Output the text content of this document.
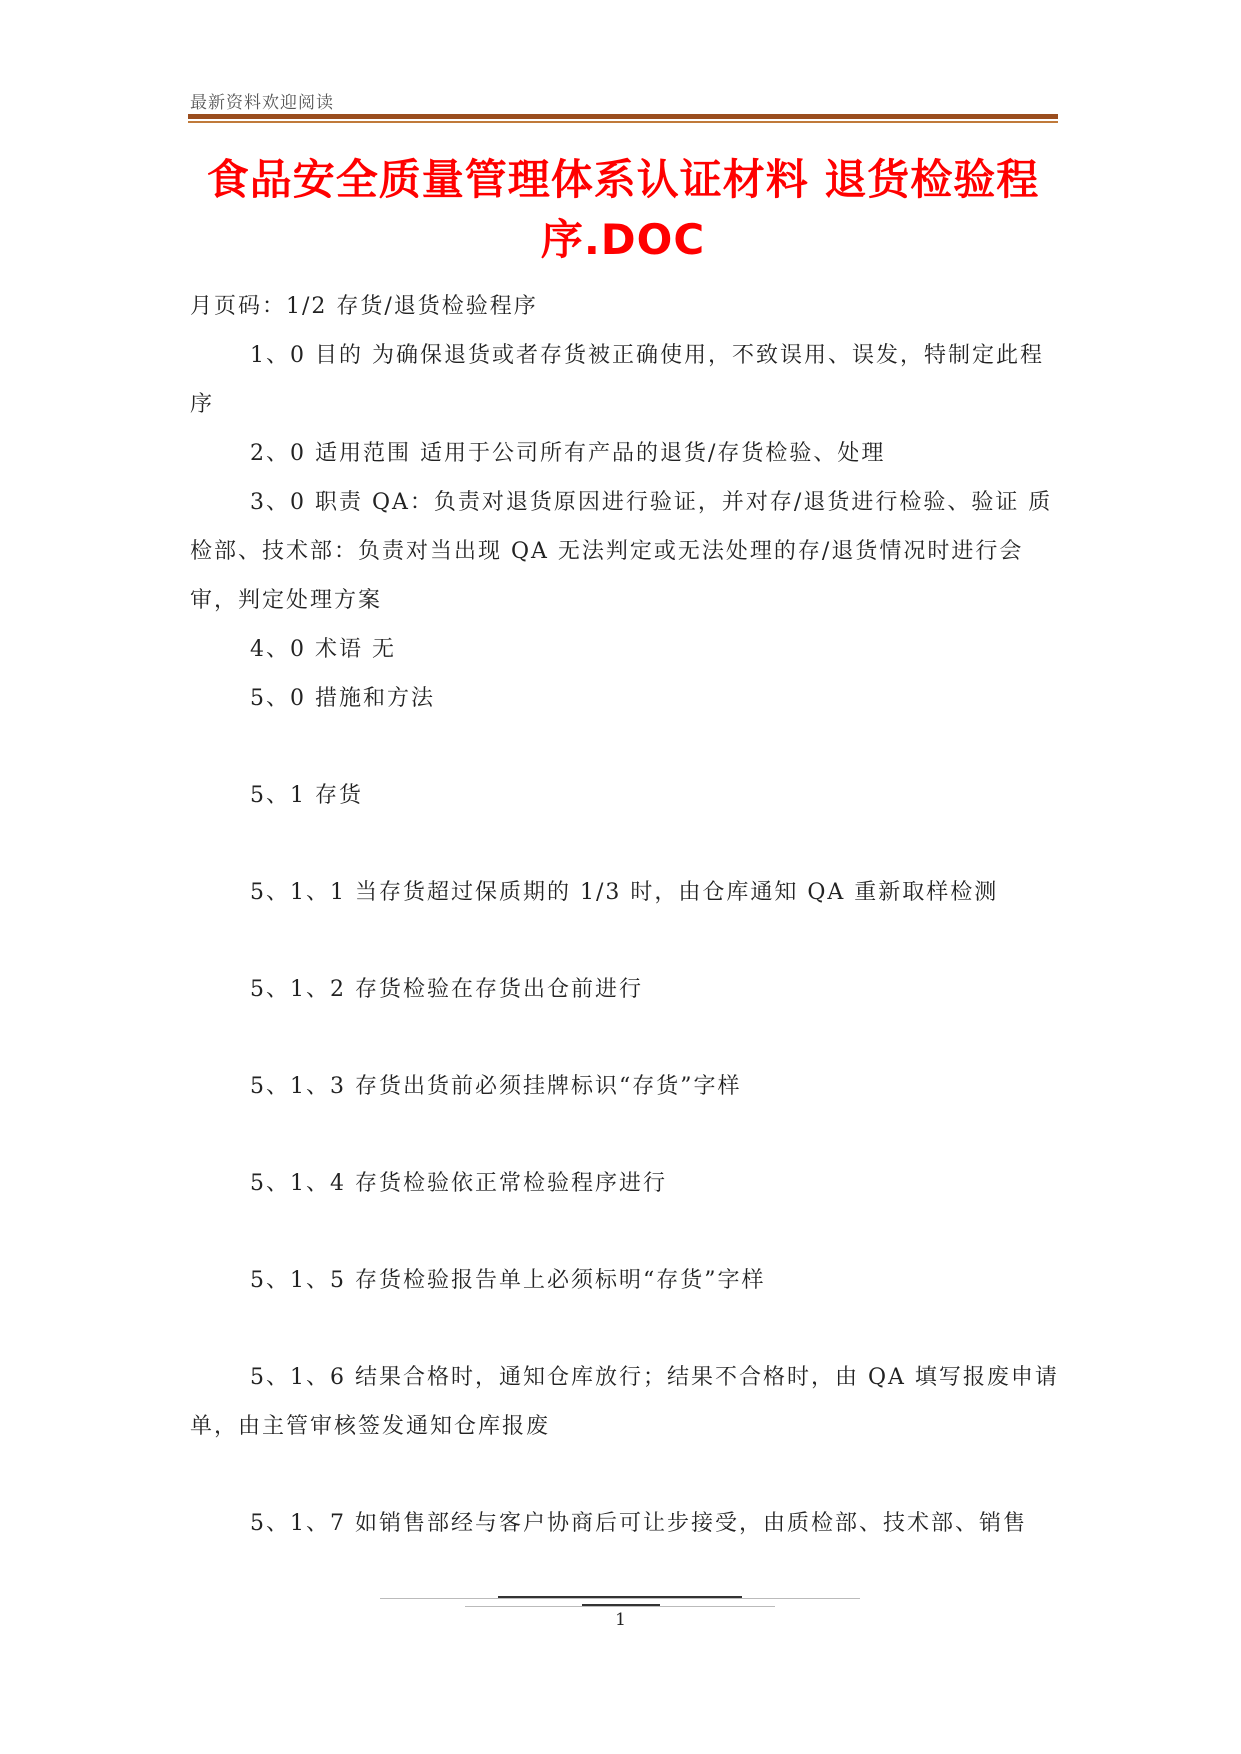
最新资料欢迎阅读
食品安全质量管理体系认证材料 退货检验程序.DOC

月页码：1/2 存货/退货检验程序

1、0 目的 为确保退货或者存货被正确使用，不致误用、误发，特制定此程序

2、0 适用范围 适用于公司所有产品的退货/存货检验、处理

3、0 职责 QA：负责对退货原因进行验证，并对存/退货进行检验、验证 质检部、技术部：负责对当出现 QA 无法判定或无法处理的存/退货情况时进行会审，判定处理方案

4、0 术语 无

5、0 措施和方法

5、1 存货

5、1、1 当存货超过保质期的 1/3 时，由仓库通知 QA 重新取样检测

5、1、2 存货检验在存货出仓前进行

5、1、3 存货出货前必须挂牌标识“存货”字样

5、1、4 存货检验依正常检验程序进行

5、1、5 存货检验报告单上必须标明“存货”字样

5、1、6 结果合格时，通知仓库放行；结果不合格时，由 QA 填写报废申请单，由主管审核签发通知仓库报废

5、1、7 如销售部经与客户协商后可让步接受，由质检部、技术部、销售

1
